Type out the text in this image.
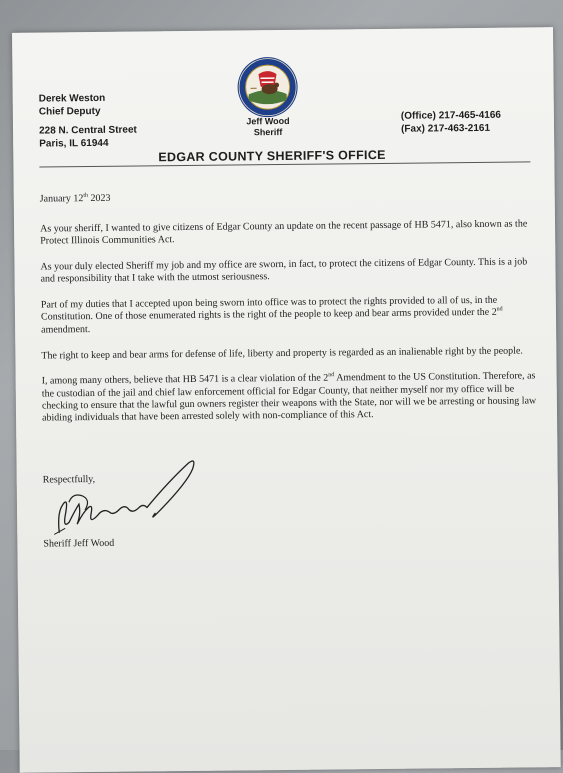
Derek Weston
Chief Deputy
228 N. Central Street
Paris, IL 61944
Jeff Wood
Sheriff
(Office) 217-465-4166
(Fax) 217-463-2161
EDGAR COUNTY SHERIFF'S OFFICE
January 12th 2023

As your sheriff, I wanted to give citizens of Edgar County an update on the recent passage of HB 5471, also known as the Protect Illinois Communities Act.

As your duly elected Sheriff my job and my office are sworn, in fact, to protect the citizens of Edgar County. This is a job and responsibility that I take with the utmost seriousness.

Part of my duties that I accepted upon being sworn into office was to protect the rights provided to all of us, in the Constitution. One of those enumerated rights is the right of the people to keep and bear arms provided under the 2nd amendment.

The right to keep and bear arms for defense of life, liberty and property is regarded as an inalienable right by the people.

I, among many others, believe that HB 5471 is a clear violation of the 2nd Amendment to the US Constitution. Therefore, as the custodian of the jail and chief law enforcement official for Edgar County, that neither myself nor my office will be checking to ensure that the lawful gun owners register their weapons with the State, nor will we be arresting or housing law abiding individuals that have been arrested solely with non-compliance of this Act.

Respectfully,
Sheriff Jeff Wood
